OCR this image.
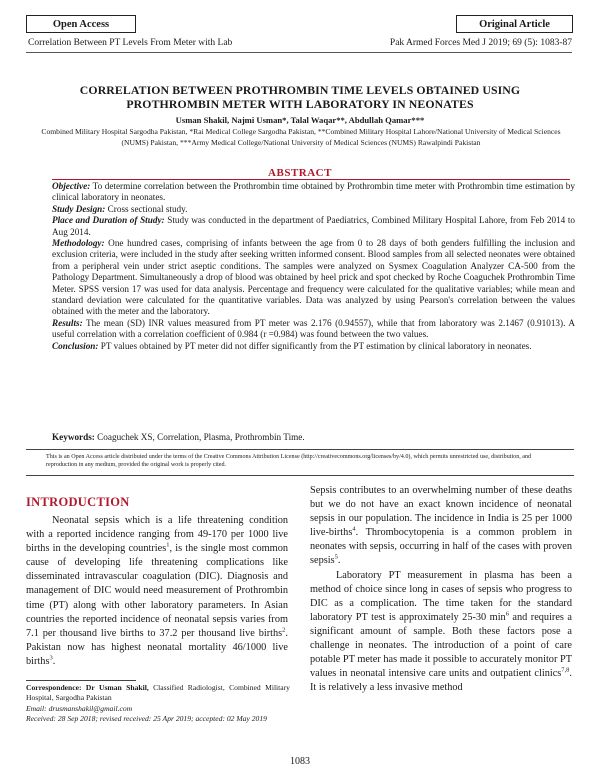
Open Access	Original Article
Correlation Between PT Levels From Meter with Lab	Pak Armed Forces Med J 2019; 69 (5): 1083-87
CORRELATION BETWEEN PROTHROMBIN TIME LEVELS OBTAINED USING
PROTHROMBIN METER WITH LABORATORY IN NEONATES
Usman Shakil, Najmi Usman*, Talal Waqar**, Abdullah Qamar***
Combined Military Hospital Sargodha Pakistan, *Rai Medical College Sargodha Pakistan, **Combined Military Hospital Lahore/National University of Medical Sciences (NUMS) Pakistan, ***Army Medical College/National University of Medical Sciences (NUMS) Rawalpindi Pakistan
ABSTRACT

Objective: To determine correlation between the Prothrombin time obtained by Prothrombin time meter with Prothrombin time estimation by clinical laboratory in neonates.

Study Design: Cross sectional study.

Place and Duration of Study: Study was conducted in the department of Paediatrics, Combined Military Hospital Lahore, from Feb 2014 to Aug 2014.

Methodology: One hundred cases, comprising of infants between the age from 0 to 28 days of both genders fulfilling the inclusion and exclusion criteria, were included in the study after seeking written informed consent. Blood samples from all selected neonates were obtained from a peripheral vein under strict aseptic conditions. The samples were analyzed on Sysmex Coagulation Analyzer CA-500 from the Pathology Department. Simultaneously a drop of blood was obtained by heel prick and spot checked by Roche Coaguchek Prothrombin Time Meter. SPSS version 17 was used for data analysis. Percentage and frequency were calculated for the qualitative variables; while mean and standard deviation were calculated for the quantitative variables. Data was analyzed by using Pearson's correlation between the values obtained with the meter and the laboratory.

Results: The mean (SD) INR values measured from PT meter was 2.176 (0.94557), while that from laboratory was 2.1467 (0.91013). A useful correlation with a correlation coefficient of 0.984 (r =0.984) was found between the two values.

Conclusion: PT values obtained by PT meter did not differ significantly from the PT estimation by clinical laboratory in neonates.

Keywords: Coaguchek XS, Correlation, Plasma, Prothrombin Time.
This is an Open Access article distributed under the terms of the Creative Commons Attribution License (http://creativecommons.org/licenses/by/4.0), which permits unrestricted use, distribution, and reproduction in any medium, provided the original work is properly cited.
INTRODUCTION

Neonatal sepsis which is a life threatening condition with a reported incidence ranging from 49-170 per 1000 live births in the developing countries$^1$, is the single most common cause of developing life threatening complications like disseminated intravascular coagulation (DIC). Diagnosis and management of DIC would need measurement of Prothrombin time (PT) along with other laboratory parameters. In Asian countries the reported incidence of neonatal sepsis varies from 7.1 per thousand live births to 37.2 per thousand live births$^2$. Pakistan now has highest neonatal mortality 46/1000 live births$^3$.

Sepsis contributes to an overwhelming number of these deaths but we do not have an exact known incidence of neonatal sepsis in our population. The incidence in India is 25 per 1000 live-births$^4$. Thrombocytopenia is a common problem in neonates with sepsis, occurring in half of the cases with proven sepsis$^5$.

Laboratory PT measurement in plasma has been a method of choice since long in cases of sepsis who progress to DIC as a complication. The time taken for the standard laboratory PT test is approximately 25-30 $\min^6$ and requires a significant amount of sample. Both these factors pose a challenge in neonates. The introduction of a point of care potable PT meter has made it possible to accurately monitor PT values in neonatal intensive care units and outpatient clinics$^{7,8}$. It is relatively a less invasive method

Correspondence: Dr Usman Shakil, Classified Radiologist, Combined Military Hospital, Sargodha Pakistan
Email: drusmanshakil@gmail.com
Received: 28 Sep 2018; revised received: 25 Apr 2019; accepted: 02 May 2019
1083
